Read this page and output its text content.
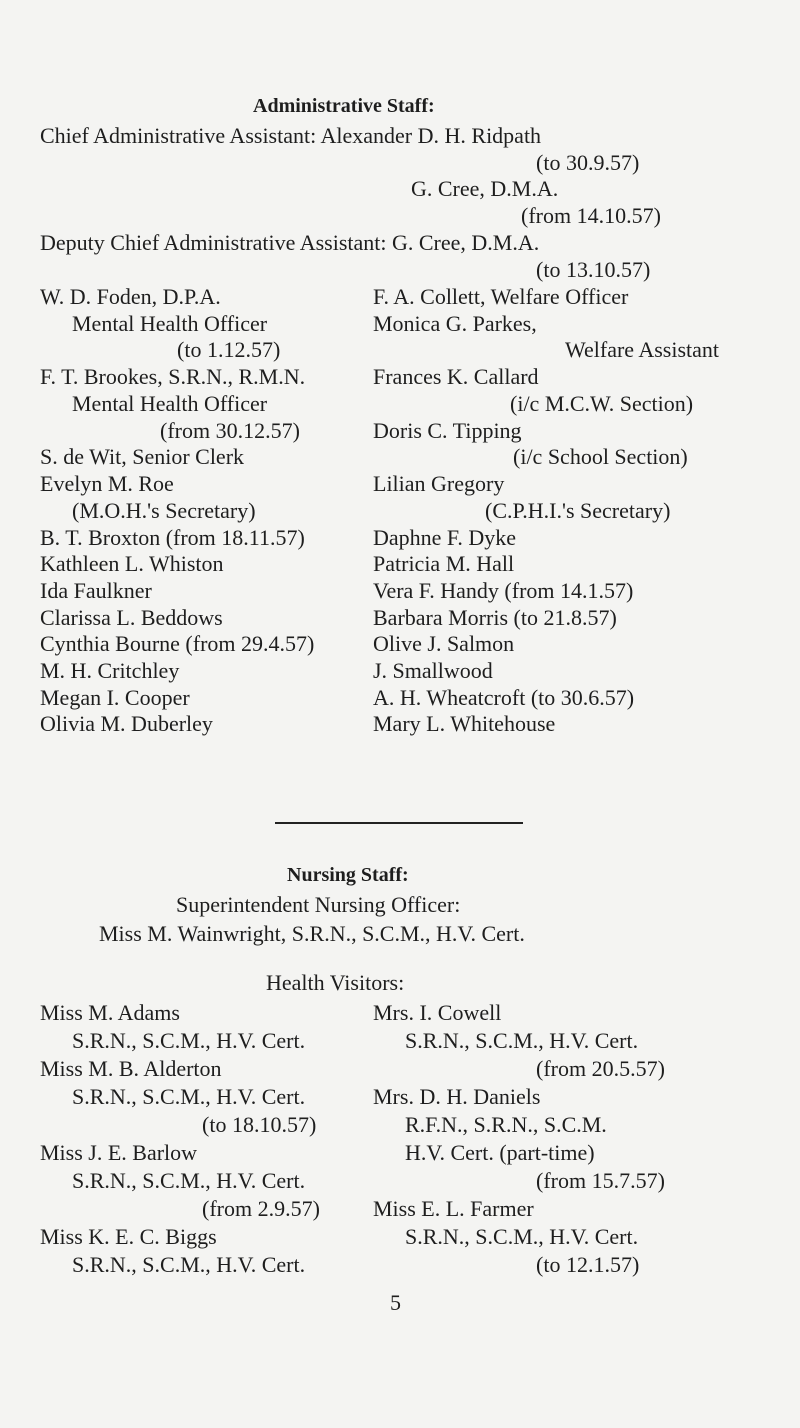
Administrative Staff:
Chief Administrative Assistant: Alexander D. H. Ridpath
(to 30.9.57)
G. Cree, D.M.A.
(from 14.10.57)
Deputy Chief Administrative Assistant: G. Cree, D.M.A.
(to 13.10.57)
W. D. Foden, D.P.A.
Mental Health Officer
(to 1.12.57)
F. T. Brookes, S.R.N., R.M.N.
Mental Health Officer
(from 30.12.57)
S. de Wit, Senior Clerk
Evelyn M. Roe
(M.O.H.'s Secretary)
B. T. Broxton (from 18.11.57)
Kathleen L. Whiston
Ida Faulkner
Clarissa L. Beddows
Cynthia Bourne (from 29.4.57)
M. H. Critchley
Megan I. Cooper
Olivia M. Duberley
F. A. Collett, Welfare Officer
Monica G. Parkes,
Welfare Assistant
Frances K. Callard
(i/c M.C.W. Section)
Doris C. Tipping
(i/c School Section)
Lilian Gregory
(C.P.H.I.'s Secretary)
Daphne F. Dyke
Patricia M. Hall
Vera F. Handy (from 14.1.57)
Barbara Morris (to 21.8.57)
Olive J. Salmon
J. Smallwood
A. H. Wheatcroft (to 30.6.57)
Mary L. Whitehouse
Nursing Staff:
Superintendent Nursing Officer:
Miss M. Wainwright, S.R.N., S.C.M., H.V. Cert.
Health Visitors:
Miss M. Adams
S.R.N., S.C.M., H.V. Cert.
Miss M. B. Alderton
S.R.N., S.C.M., H.V. Cert.
(to 18.10.57)
Miss J. E. Barlow
S.R.N., S.C.M., H.V. Cert.
(from 2.9.57)
Miss K. E. C. Biggs
S.R.N., S.C.M., H.V. Cert.
Mrs. I. Cowell
S.R.N., S.C.M., H.V. Cert.
(from 20.5.57)
Mrs. D. H. Daniels
R.F.N., S.R.N., S.C.M.
H.V. Cert. (part-time)
(from 15.7.57)
Miss E. L. Farmer
S.R.N., S.C.M., H.V. Cert.
(to 12.1.57)
5
